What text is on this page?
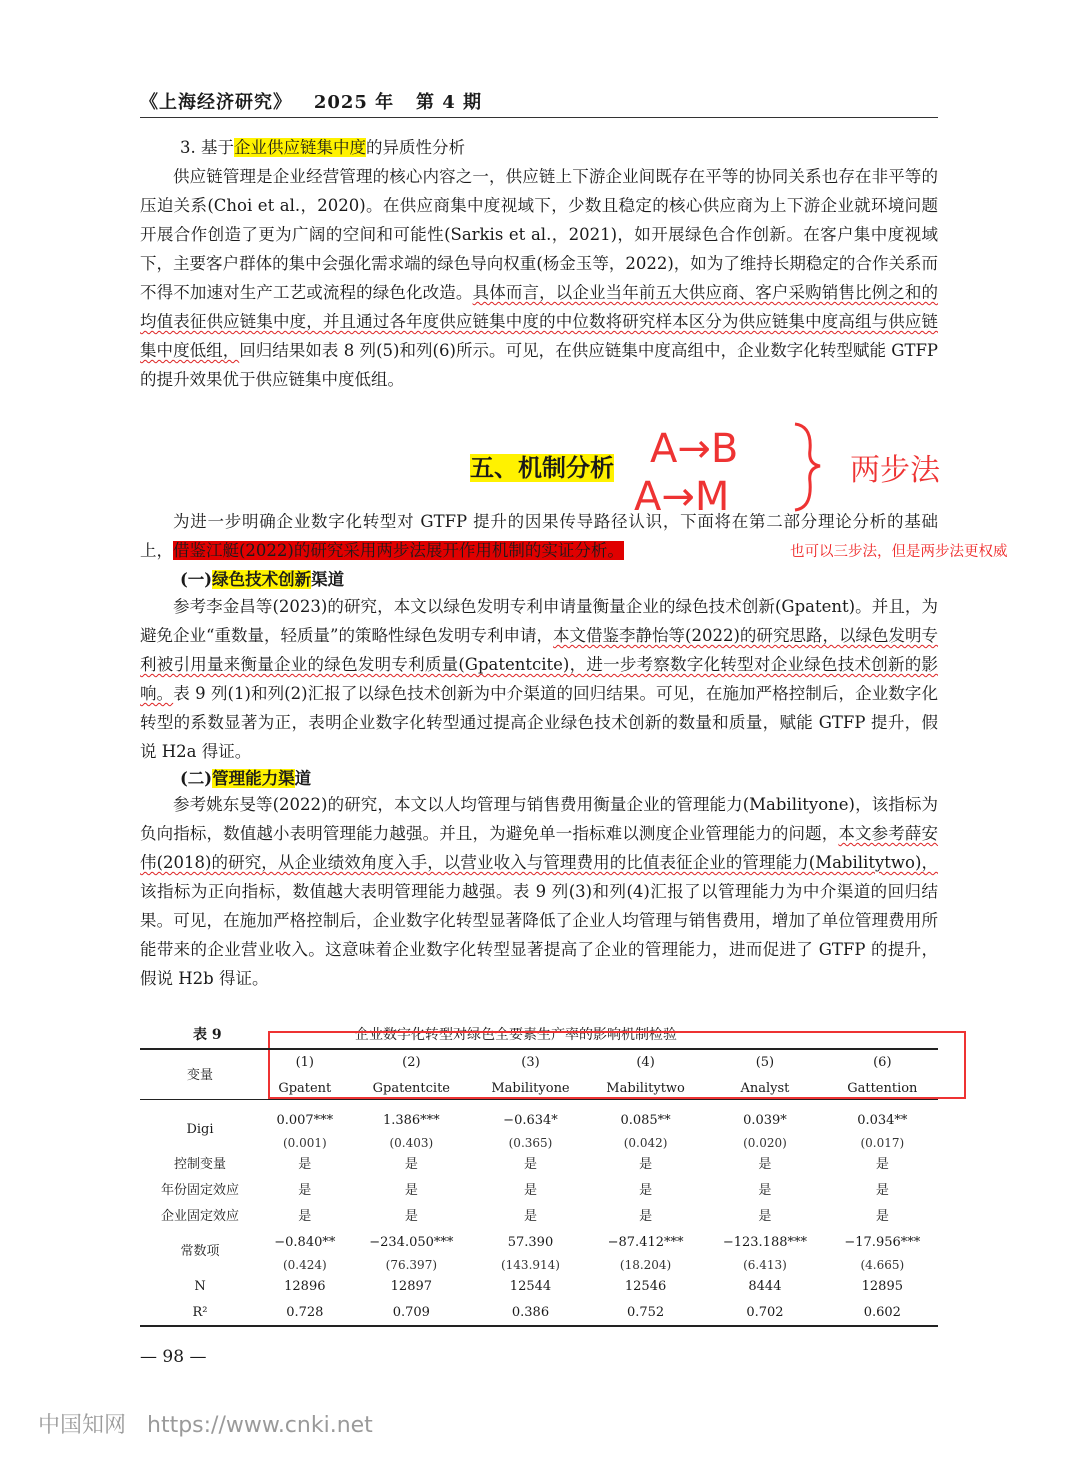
《上海经济研究》 2025 年 第 4 期
3. 基于企业供应链集中度的异质性分析

供应链管理是企业经营管理的核心内容之一，供应链上下游企业间既存在平等的协同关系也存在非平等的压迫关系(Choi et al.，2020)。在供应商集中度视域下，少数且稳定的核心供应商为上下游企业就环境问题开展合作创造了更为广阔的空间和可能性(Sarkis et al.，2021)，如开展绿色合作创新。在客户集中度视域下，主要客户群体的集中会强化需求端的绿色导向权重(杨金玉等，2022)，如为了维持长期稳定的合作关系而不得不加速对生产工艺或流程的绿色化改造。具体而言，以企业当年前五大供应商、客户采购销售比例之和的均值表征供应链集中度，并且通过各年度供应链集中度的中位数将研究样本区分为供应链集中度高组与供应链集中度低组，回归结果如表 8 列(5)和列(6)所示。可见，在供应链集中度高组中，企业数字化转型赋能 GTFP 的提升效果优于供应链集中度低组。

五、机制分析 A→B
A→M
两步法

为进一步明确企业数字化转型对 GTFP 提升的因果传导路径认识，下面将在第二部分理论分析的基础上，借鉴江艇(2022)的研究采用两步法展开作用机制的实证分析。	也可以三步法，但是两步法更权威
(一)绿色技术创新渠道

参考李金昌等(2023)的研究，本文以绿色发明专利申请量衡量企业的绿色技术创新(Gpatent)。并且，为避免企业“重数量，轻质量”的策略性绿色发明专利申请，本文借鉴李静怡等(2022)的研究思路，以绿色发明专利被引用量来衡量企业的绿色发明专利质量(Gpatentcite)，进一步考察数字化转型对企业绿色技术创新的影响。表 9 列(1)和列(2)汇报了以绿色技术创新为中介渠道的回归结果。可见，在施加严格控制后，企业数字化转型的系数显著为正，表明企业数字化转型通过提高企业绿色技术创新的数量和质量，赋能 GTFP 提升，假说 H2a 得证。

(二)管理能力渠道

参考姚东旻等(2022)的研究，本文以人均管理与销售费用衡量企业的管理能力(Mabilityone)，该指标为负向指标，数值越小表明管理能力越强。并且，为避免单一指标难以测度企业管理能力的问题，本文参考薛安伟(2018)的研究，从企业绩效角度入手，以营业收入与管理费用的比值表征企业的管理能力(Mabilitytwo)，该指标为正向指标，数值越大表明管理能力越强。表 9 列(3)和列(4)汇报了以管理能力为中介渠道的回归结果。可见，在施加严格控制后，企业数字化转型显著降低了企业人均管理与销售费用，增加了单位管理费用所能带来的企业营业收入。这意味着企业数字化转型显著提高了企业的管理能力，进而促进了 GTFP 的提升，假说 H2b 得证。

表 9	企业数字化转型对绿色全要素生产率的影响机制检验
变量	(1)	(2)	(3)	(4)	(5)	(6)
	Gpatent	Gpatentcite	Mabilityone	Mabilitytwo	Analyst	Gattention

Digi	0.007***	1.386***	−0.634*	0.085**	0.039*	0.034**
	(0.001)	(0.403)	(0.365)	(0.042)	(0.020)	(0.017)
控制变量	是	是	是	是	是	是
年份固定效应	是	是	是	是	是	是
企业固定效应	是	是	是	是	是	是
常数项	−0.840**	−234.050***	57.390	−87.412***	−123.188***	−17.956***
	(0.424)	(76.397)	(143.914)	(18.204)	(6.413)	(4.665)
N	12896	12897	12544	12546	8444	12895
R²	0.728	0.709	0.386	0.752	0.702	0.602
— 98 —
中国知网 https://www.cnki.net
